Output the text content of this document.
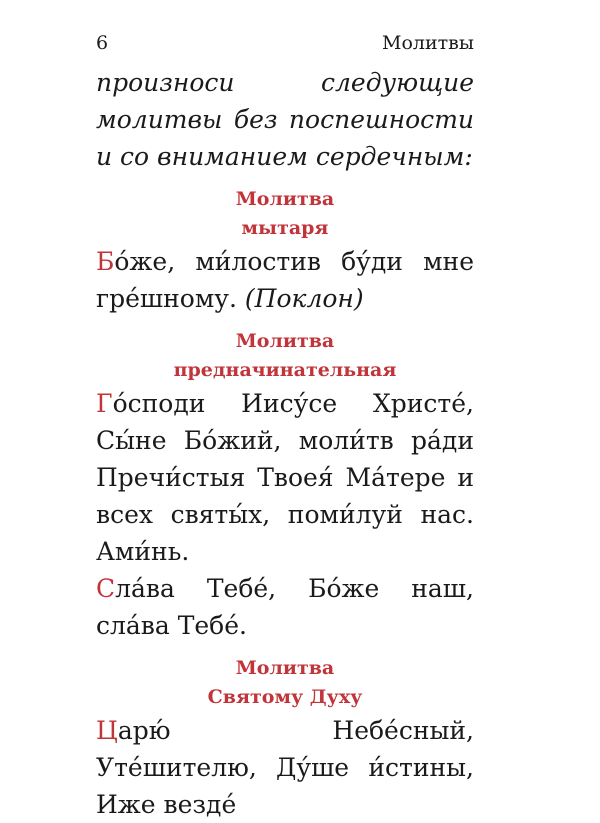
6	Молитвы

произноси следующие молитвы без поспешности и со вниманием сердечным:

Молитва
мытаря

Бо́же, ми́лостив бу́ди мне гре́шному. (Поклон)

Молитва
предначинательная

Го́споди Иису́се Христе́, Сы́не Бо́жий, моли́тв ра́ди Пречи́стыя Твоея́ Ма́тере и всех святы́х, поми́луй нас. Ами́нь.

Сла́ва Тебе́, Бо́же наш, сла́ва Тебе́.

Молитва
Святому Духу

Царю́ Небе́сный, Уте́шителю, Ду́ше и́стины, Иже везде́
